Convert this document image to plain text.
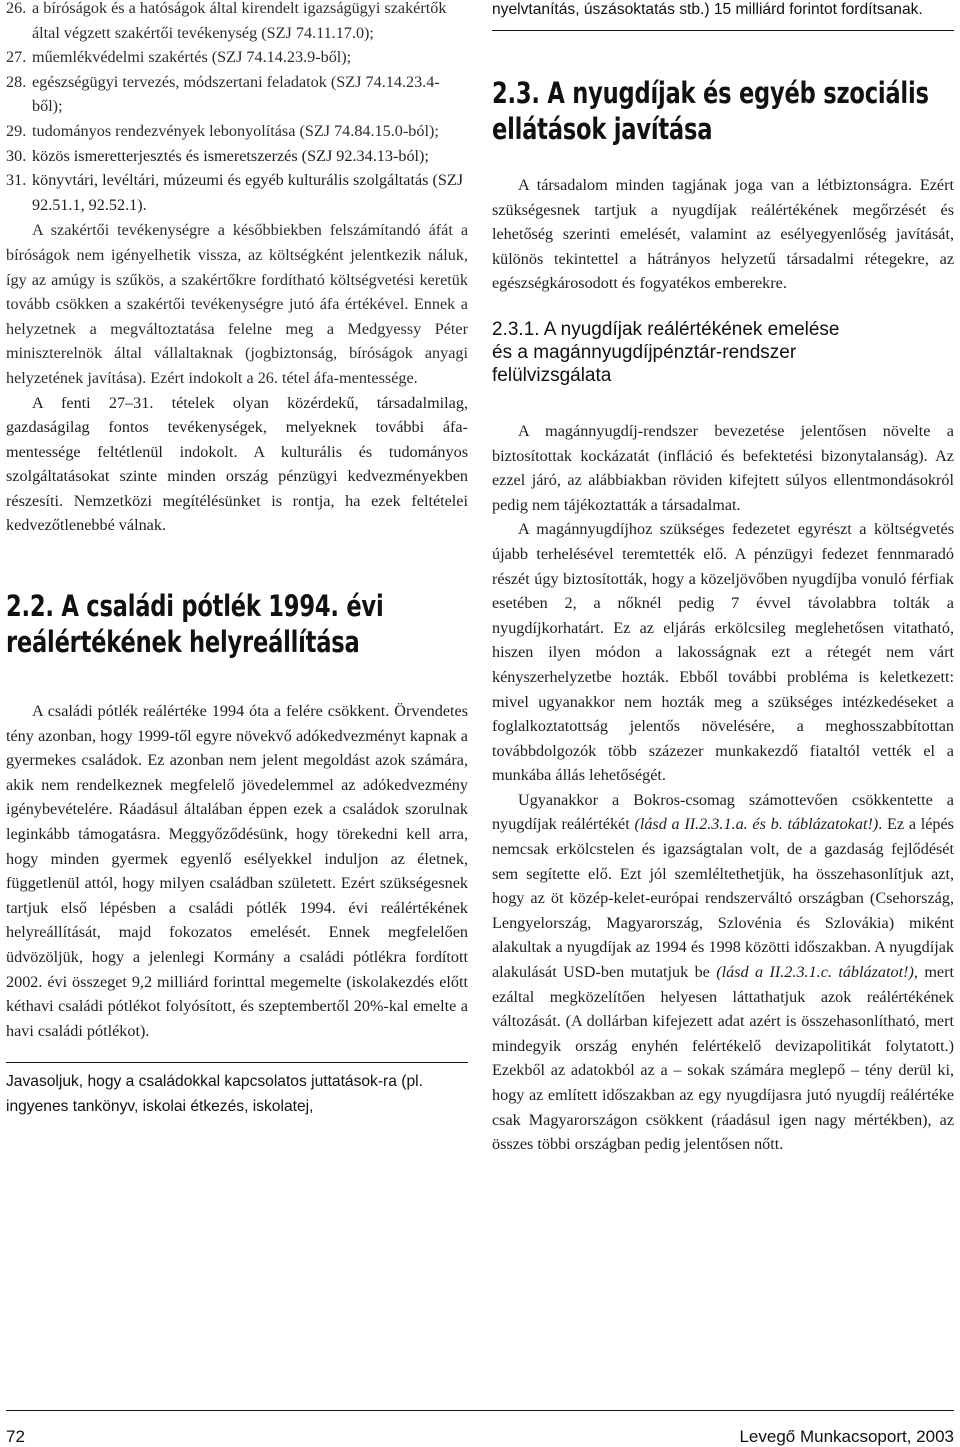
26. a bíróságok és a hatóságok által kirendelt igazságügyi szakértők által végzett szakértői tevékenység (SZJ 74.11.17.0);

27. műemlékvédelmi szakértés (SZJ 74.14.23.9-ből);

28. egészségügyi tervezés, módszertani feladatok (SZJ 74.14.23.4-ből);

29. tudományos rendezvények lebonyolítása (SZJ 74.84.15.0-ból);

30. közös ismeretterjesztés és ismeretszerzés (SZJ 92.34.13-ból);

31. könyvtári, levéltári, múzeumi és egyéb kulturális szolgáltatás (SZJ 92.51.1, 92.52.1).

A szakértői tevékenységre a későbbiekben felszámítandó áfát a bíróságok nem igényelhetik vissza, az költségként jelentkezik náluk, így az amúgy is szűkös, a szakértőkre fordítható költségvetési keretük tovább csökken a szakértői tevékenységre jutó áfa értékével. Ennek a helyzetnek a megváltoztatása felelne meg a Medgyessy Péter miniszterelnök által vállaltaknak (jogbiztonság, bíróságok anyagi helyzetének javítása). Ezért indokolt a 26. tétel áfa-mentessége.

A fenti 27–31. tételek olyan közérdekű, társadalmilag, gazdaságilag fontos tevékenységek, melyeknek további áfa-mentessége feltétlenül indokolt. A kulturális és tudományos szolgáltatásokat szinte minden ország pénzügyi kedvezményekben részesíti. Nemzetközi megítélésünket is rontja, ha ezek feltételei kedvezőtlenebbé válnak.

2.2. A családi pótlék 1994. évi

reálértékének helyreállítása

A családi pótlék reálértéke 1994 óta a felére csökkent. Örvendetes tény azonban, hogy 1999-től egyre növekvő adókedvezményt kapnak a gyermekes családok. Ez azonban nem jelent megoldást azok számára, akik nem rendelkeznek megfelelő jövedelemmel az adókedvezmény igénybevételére. Ráadásul általában éppen ezek a családok szorulnak leginkább támogatásra. Meggyőződésünk, hogy törekedni kell arra, hogy minden gyermek egyenlő esélyekkel induljon az életnek, függetlenül attól, hogy milyen családban született. Ezért szükségesnek tartjuk első lépésben a családi pótlék 1994. évi reálértékének helyreállítását, majd fokozatos emelését. Ennek megfelelően üdvözöljük, hogy a jelenlegi Kormány a családi pótlékra fordított 2002. évi összeget 9,2 milliárd forinttal megemelte (iskolakezdés előtt kéthavi családi pótlékot folyósított, és szeptembertől 20%-kal emelte a havi családi pótlékot).

Javasoljuk, hogy a családokkal kapcsolatos juttatások-ra (pl. ingyenes tankönyv, iskolai étkezés, iskolatej,

nyelvtanítás, úszásoktatás stb.) 15 milliárd forintot fordítsanak.

2.3. A nyugdíjak és egyéb szociális

ellátások javítása

A társadalom minden tagjának joga van a létbiztonságra. Ezért szükségesnek tartjuk a nyugdíjak reálértékének megőrzését és lehetőség szerinti emelését, valamint az esélyegyenlőség javítását, különös tekintettel a hátrányos helyzetű társadalmi rétegekre, az egészségkárosodott és fogyatékos emberekre.

2.3.1. A nyugdíjak reálértékének emelése

és a magánnyugdíjpénztár-rendszer

felülvizsgálata

A magánnyugdíj-rendszer bevezetése jelentősen növelte a biztosítottak kockázatát (infláció és befektetési bizonytalanság). Az ezzel járó, az alábbiakban röviden kifejtett súlyos ellentmondásokról pedig nem tájékoztatták a társadalmat.

A magánnyugdíjhoz szükséges fedezetet egyrészt a költségvetés újabb terhelésével teremtették elő. A pénzügyi fedezet fennmaradó részét úgy biztosították, hogy a közeljövőben nyugdíjba vonuló férfiak esetében 2, a nőknél pedig 7 évvel távolabbra tolták a nyugdíjkorhatárt. Ez az eljárás erkölcsileg meglehetősen vitatható, hiszen ilyen módon a lakosságnak ezt a rétegét nem várt kényszerhelyzetbe hozták. Ebből további probléma is keletkezett: mivel ugyanakkor nem hozták meg a szükséges intézkedéseket a foglalkoztatottság jelentős növelésére, a meghosszabbítottan továbbdolgozók több százezer munkakezdő fiataltól vették el a munkába állás lehetőségét.

Ugyanakkor a Bokros-csomag számottevően csökkentette a nyugdíjak reálértékét (lásd a II.2.3.1.a. és b. táblázatokat!). Ez a lépés nemcsak erkölcstelen és igazságtalan volt, de a gazdaság fejlődését sem segítette elő. Ezt jól szemléltethetjük, ha összehasonlítjuk azt, hogy az öt közép-kelet-európai rendszerváltó országban (Csehország, Lengyelország, Magyarország, Szlovénia és Szlovákia) miként alakultak a nyugdíjak az 1994 és 1998 közötti időszakban. A nyugdíjak alakulását USD-ben mutatjuk be (lásd a II.2.3.1.c. táblázatot!), mert ezáltal megközelítően helyesen láttathatjuk azok reálértékének változását. (A dollárban kifejezett adat azért is összehasonlítható, mert mindegyik ország enyhén felértékelő devizapolitikát folytatott.) Ezekből az adatokból az a – sokak számára meglepő – tény derül ki, hogy az említett időszakban az egy nyugdíjasra jutó nyugdíj reálértéke csak Magyarországon csökkent (ráadásul igen nagy mértékben), az összes többi országban pedig jelentősen nőtt.

72	Levegő Munkacsoport, 2003
